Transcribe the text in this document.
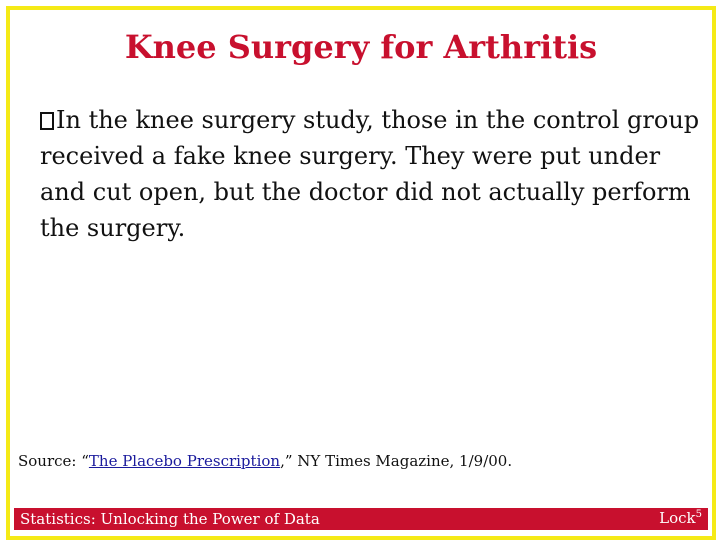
Knee Surgery for Arthritis
In the knee surgery study, those in the control group received a fake knee surgery. They were put under and cut open, but the doctor did not actually perform the surgery.
Source: “The Placebo Prescription,” NY Times Magazine, 1/9/00.
Statistics: Unlocking the Power of Data	Lock$^5$
